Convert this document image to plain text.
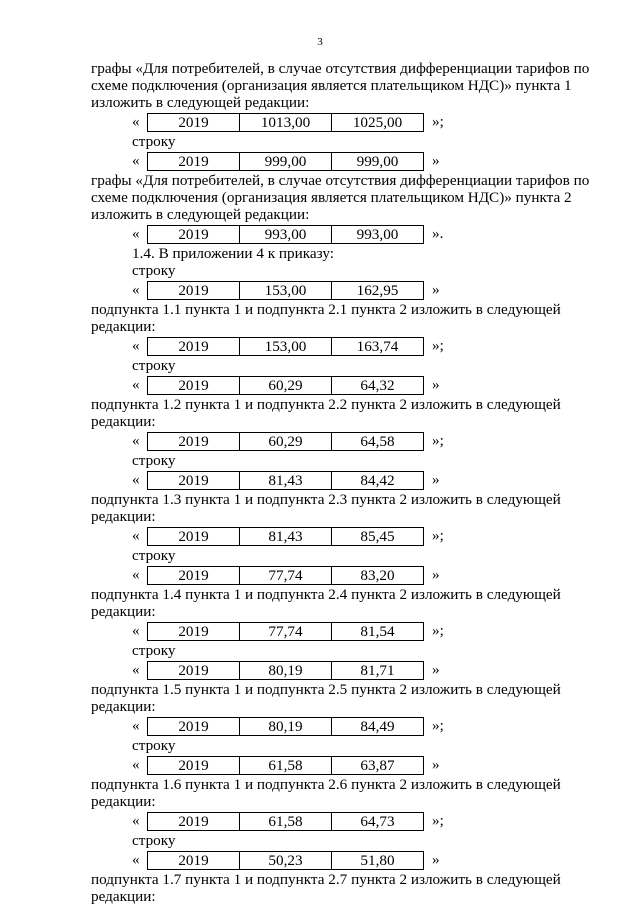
3

графы «Для потребителей, в случае отсутствия дифференциации тарифов по

схеме подключения (организация является плательщиком НДС)» пункта 1

изложить в следующей редакции:

«	2019	1013,00	1025,00	»;
строку
«	2019	999,00	999,00	»

графы «Для потребителей, в случае отсутствия дифференциации тарифов по

схеме подключения (организация является плательщиком НДС)» пункта 2

изложить в следующей редакции:

«	2019	993,00	993,00	».
1.4. В приложении 4 к приказу:
строку
«	2019	153,00	162,95	»

подпункта 1.1 пункта 1 и подпункта 2.1 пункта 2 изложить в следующей

редакции:

«	2019	153,00	163,74	»;
строку
«	2019	60,29	64,32	»

подпункта 1.2 пункта 1 и подпункта 2.2 пункта 2 изложить в следующей

редакции:

«	2019	60,29	64,58	»;
строку
«	2019	81,43	84,42	»

подпункта 1.3 пункта 1 и подпункта 2.3 пункта 2 изложить в следующей

редакции:

«	2019	81,43	85,45	»;
строку
«	2019	77,74	83,20	»

подпункта 1.4 пункта 1 и подпункта 2.4 пункта 2 изложить в следующей

редакции:

«	2019	77,74	81,54	»;
строку
«	2019	80,19	81,71	»

подпункта 1.5 пункта 1 и подпункта 2.5 пункта 2 изложить в следующей

редакции:

«	2019	80,19	84,49	»;
строку
«	2019	61,58	63,87	»

подпункта 1.6 пункта 1 и подпункта 2.6 пункта 2 изложить в следующей

редакции:

«	2019	61,58	64,73	»;
строку
«	2019	50,23	51,80	»

подпункта 1.7 пункта 1 и подпункта 2.7 пункта 2 изложить в следующей

редакции:
